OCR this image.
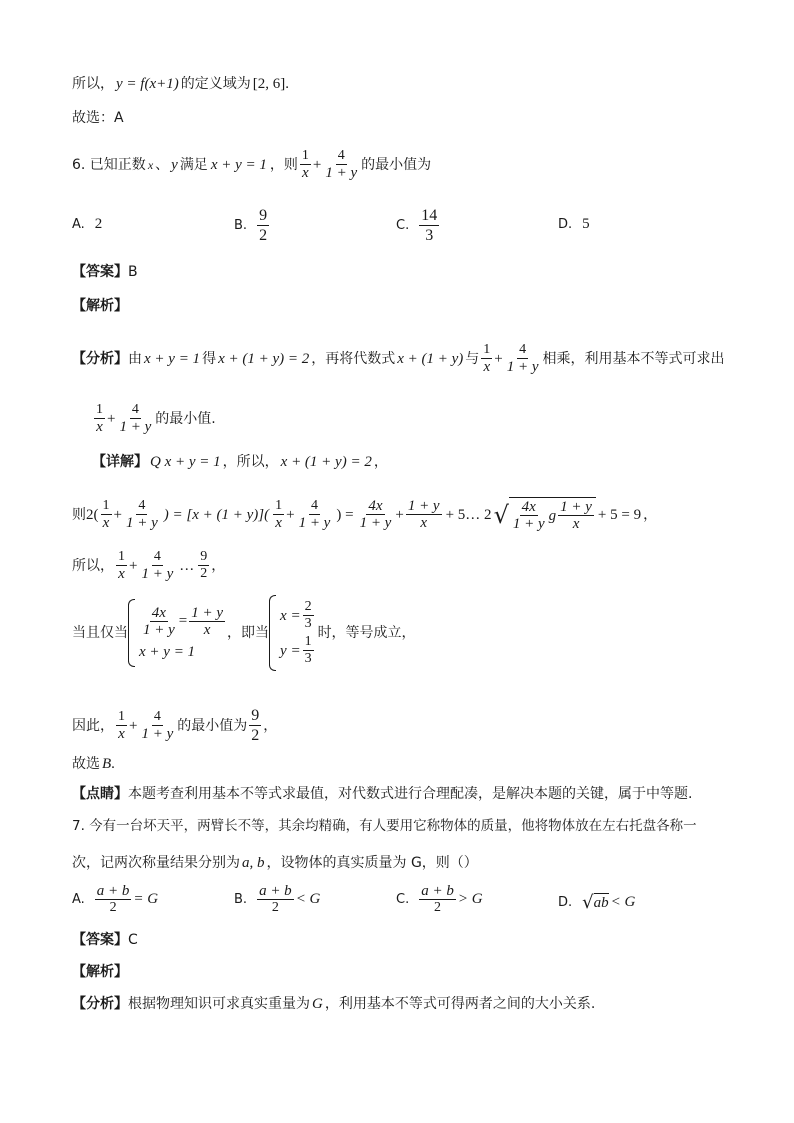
所以， y = f(x+1) 的定义域为 [2, 6] .
故选：A
6. 已知正数 x 、 y 满足 x + y = 1 ，则 $\frac{1}{x} + \frac{4}{1 + y}$ 的最小值为
A. 2	B. $\frac{9}{2}$	C. $\frac{14}{3}$	D. 5
【答案】 B
【解析】
【分析】 由 x + y = 1 得 x + (1 + y) = 2 ，再将代数式 x + (1 + y) 与 $\frac{1}{x} + \frac{4}{1 + y}$ 相乘，利用基本不等式可求出
$\frac{1}{x} + \frac{4}{1 + y}$ 的最小值.
【详解】 Q x + y = 1 ，所以， x + (1 + y) = 2 ，
则 $2( \frac{1}{x} + \frac{4}{1 + y}$ ) = $[x + (1 + y)]( \frac{1}{x} + \frac{4}{1 + y}$ ) = $\frac{4x}{1 + y} + \frac{1 + y}{x}$ + 5… 2 √ $\frac{4x}{1 + y}$ g $\frac{1 + y}{x} + 5 = 9$ ，
所以， $\frac{1}{x} + \frac{4}{1 + y}$ … $\frac{9}{2}$ ，
当且仅当 $\frac{4x}{1 + y} = \frac{1 + y}{x}$
x + y = 1
，即当
$x = \frac{2}{3}$
$y = \frac{1}{3}$
时，等号成立，
因此， $\frac{1}{x} + \frac{4}{1 + y}$ 的最小值为 $\frac{9}{2}$ ，
故选 B .
【点睛】 本题考查利用基本不等式求最值，对代数式进行合理配凑，是解决本题的关键，属于中等题.
7. 今有一台坏天平，两臂长不等，其余均精确，有人要用它称物体的质量，他将物体放在左右托盘各称一
次，记两次称量结果分别为 a, b ，设物体的真实质量为 G，则（）
A. $\frac{a + b}{2} = G$	B. $\frac{a + b}{2} < G$	C. $\frac{a + b}{2} > G$	D. √ ab < G
【答案】 C
【解析】
【分析】 根据物理知识可求真实重量为 G ，利用基本不等式可得两者之间的大小关系.
